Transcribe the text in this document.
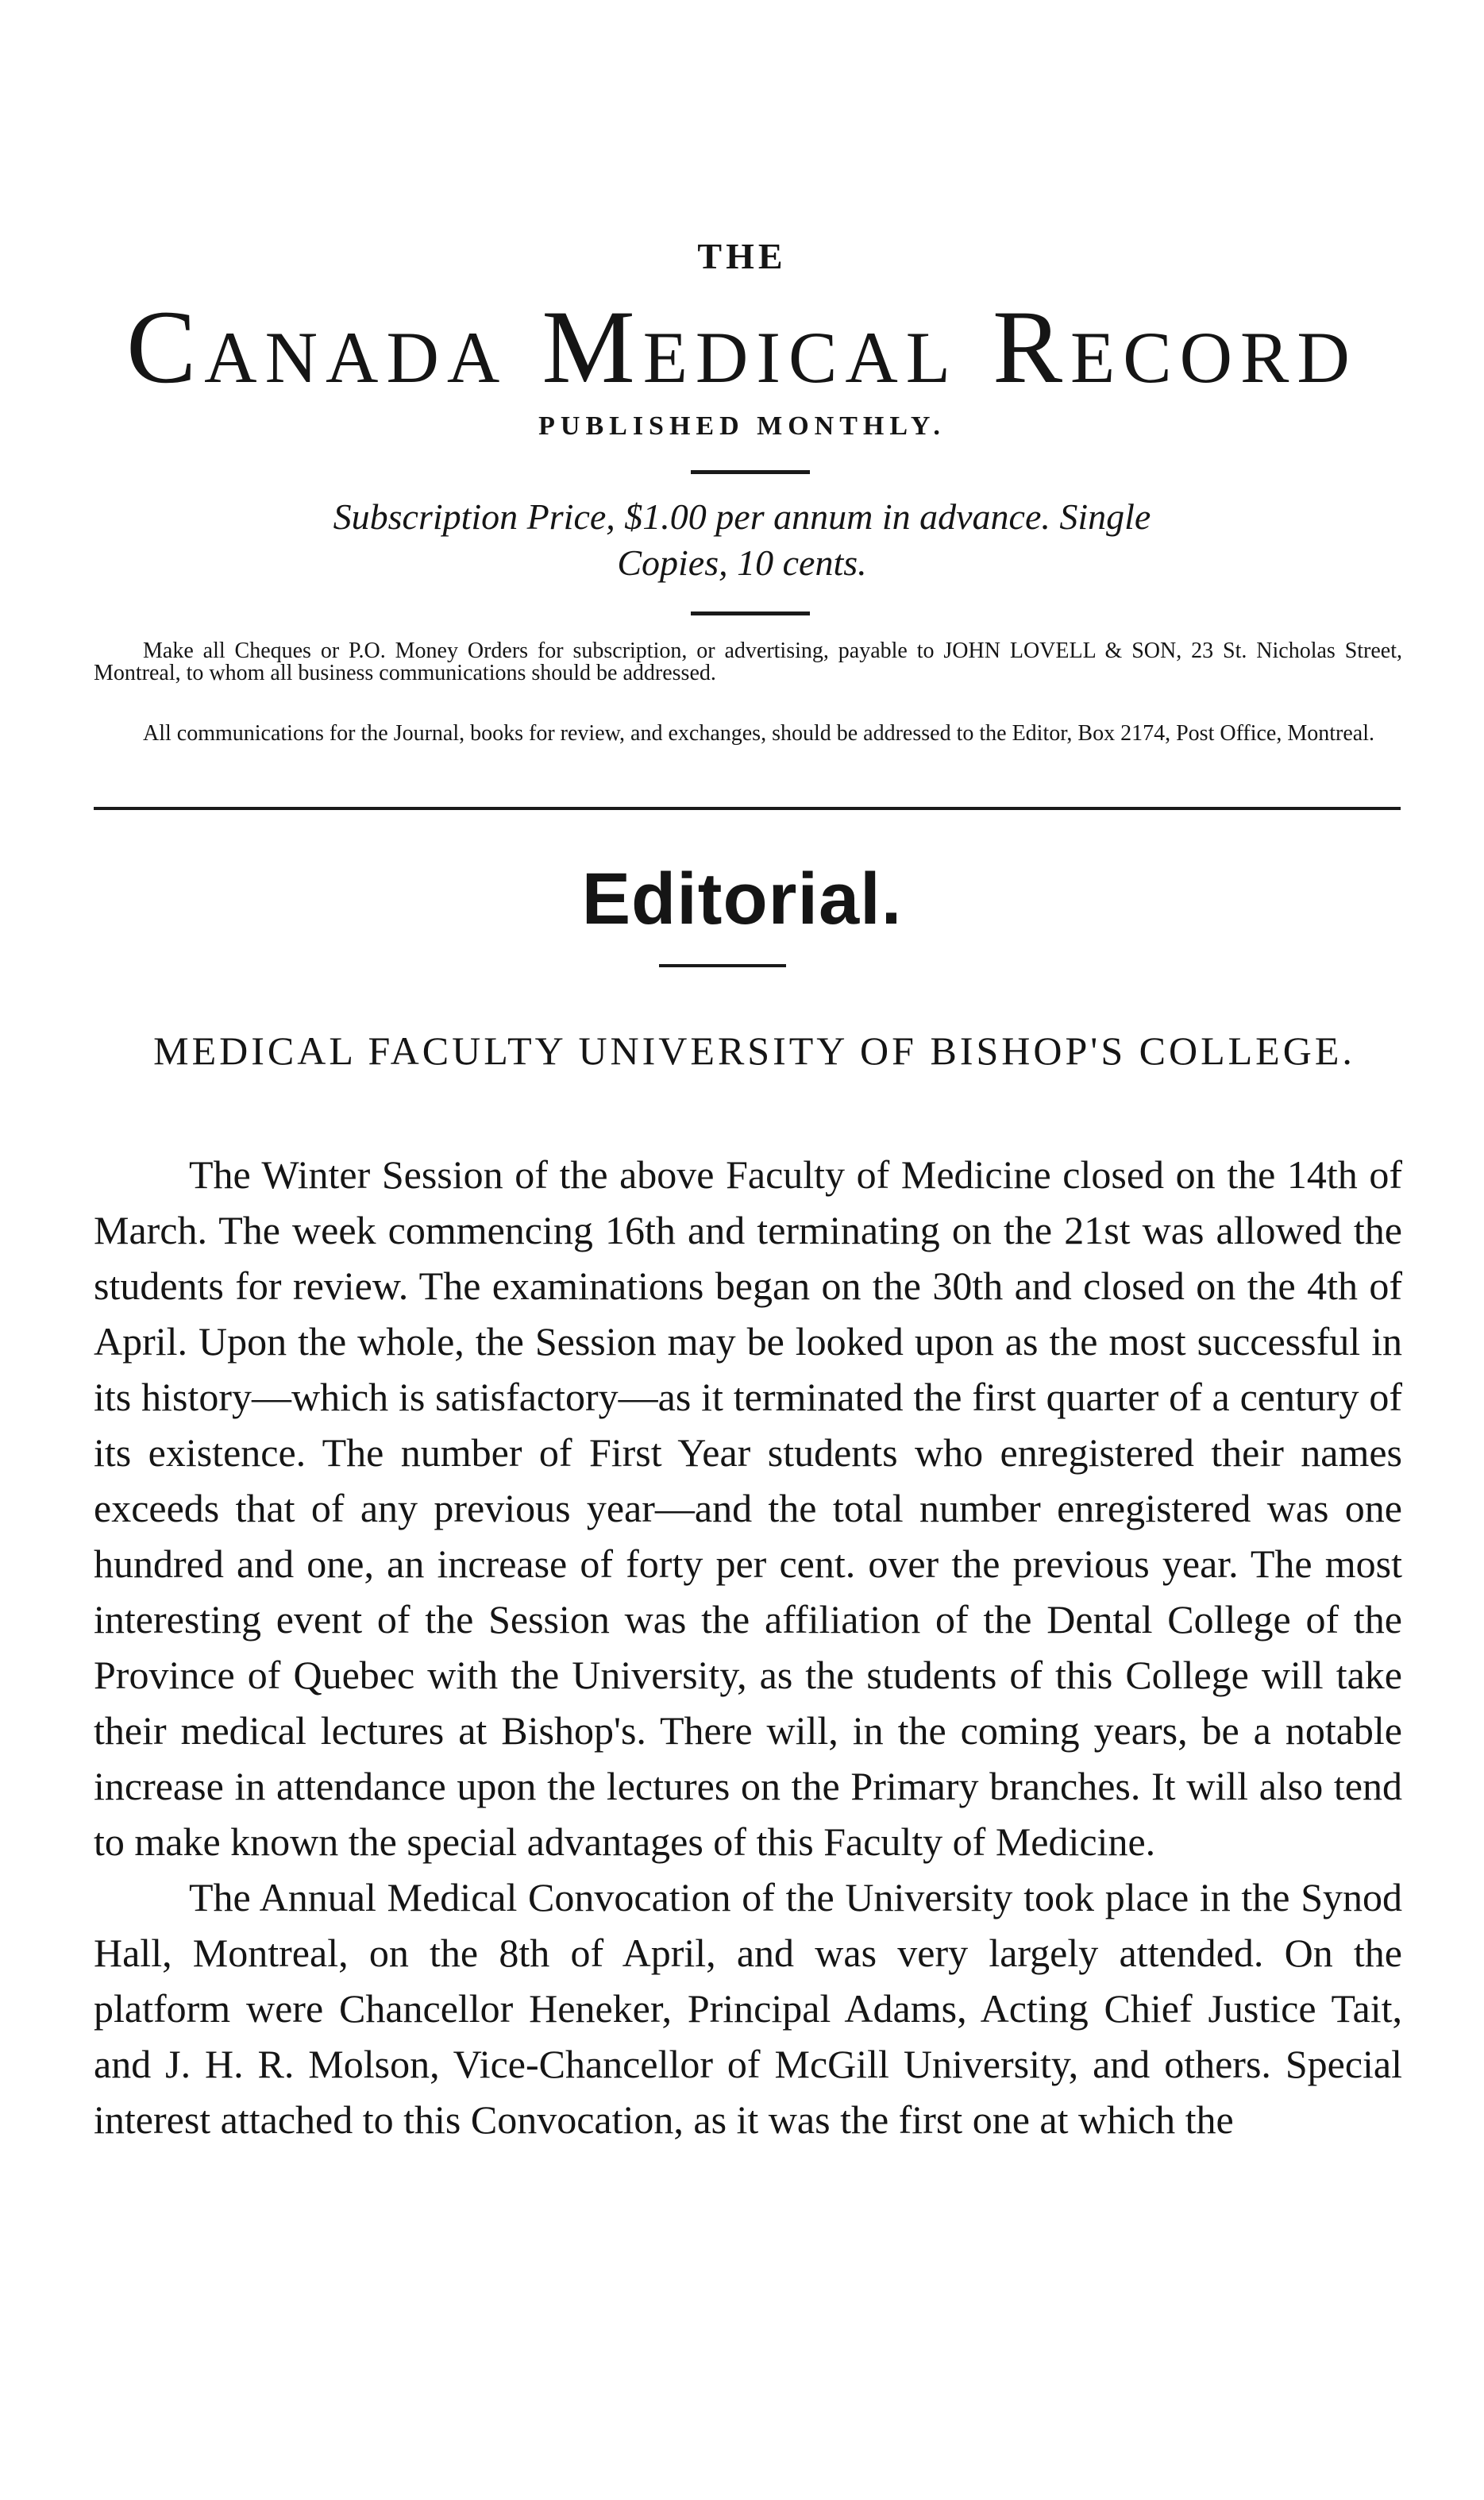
THE
Canada Medical Record
PUBLISHED MONTHLY.
Subscription Price, $1.00 per annum in advance. Single
Copies, 10 cents.

Make all Cheques or P.O. Money Orders for subscription, or advertising, payable to JOHN LOVELL & SON, 23 St. Nicholas Street, Montreal, to whom all business communications should be addressed.

All communications for the Journal, books for review, and exchanges, should be addressed to the Editor, Box 2174, Post Office, Montreal.

Editorial.
MEDICAL FACULTY UNIVERSITY OF BISHOP'S COLLEGE.

The Winter Session of the above Faculty of Medicine closed on the 14th of March. The week commencing 16th and terminating on the 21st was allowed the students for review. The examinations began on the 30th and closed on the 4th of April. Upon the whole, the Session may be looked upon as the most successful in its history—which is satisfactory—as it terminated the first quarter of a century of its existence. The number of First Year students who enregistered their names exceeds that of any previous year—and the total number enregistered was one hundred and one, an increase of forty per cent. over the previous year. The most interesting event of the Session was the affiliation of the Dental College of the Province of Quebec with the University, as the students of this College will take their medical lectures at Bishop's. There will, in the coming years, be a notable increase in attendance upon the lectures on the Primary branches. It will also tend to make known the special advantages of this Faculty of Medicine.

The Annual Medical Convocation of the University took place in the Synod Hall, Montreal, on the 8th of April, and was very largely attended. On the platform were Chancellor Heneker, Principal Adams, Acting Chief Justice Tait, and J. H. R. Molson, Vice-Chancellor of McGill University, and others. Special interest attached to this Convocation, as it was the first one at which the
